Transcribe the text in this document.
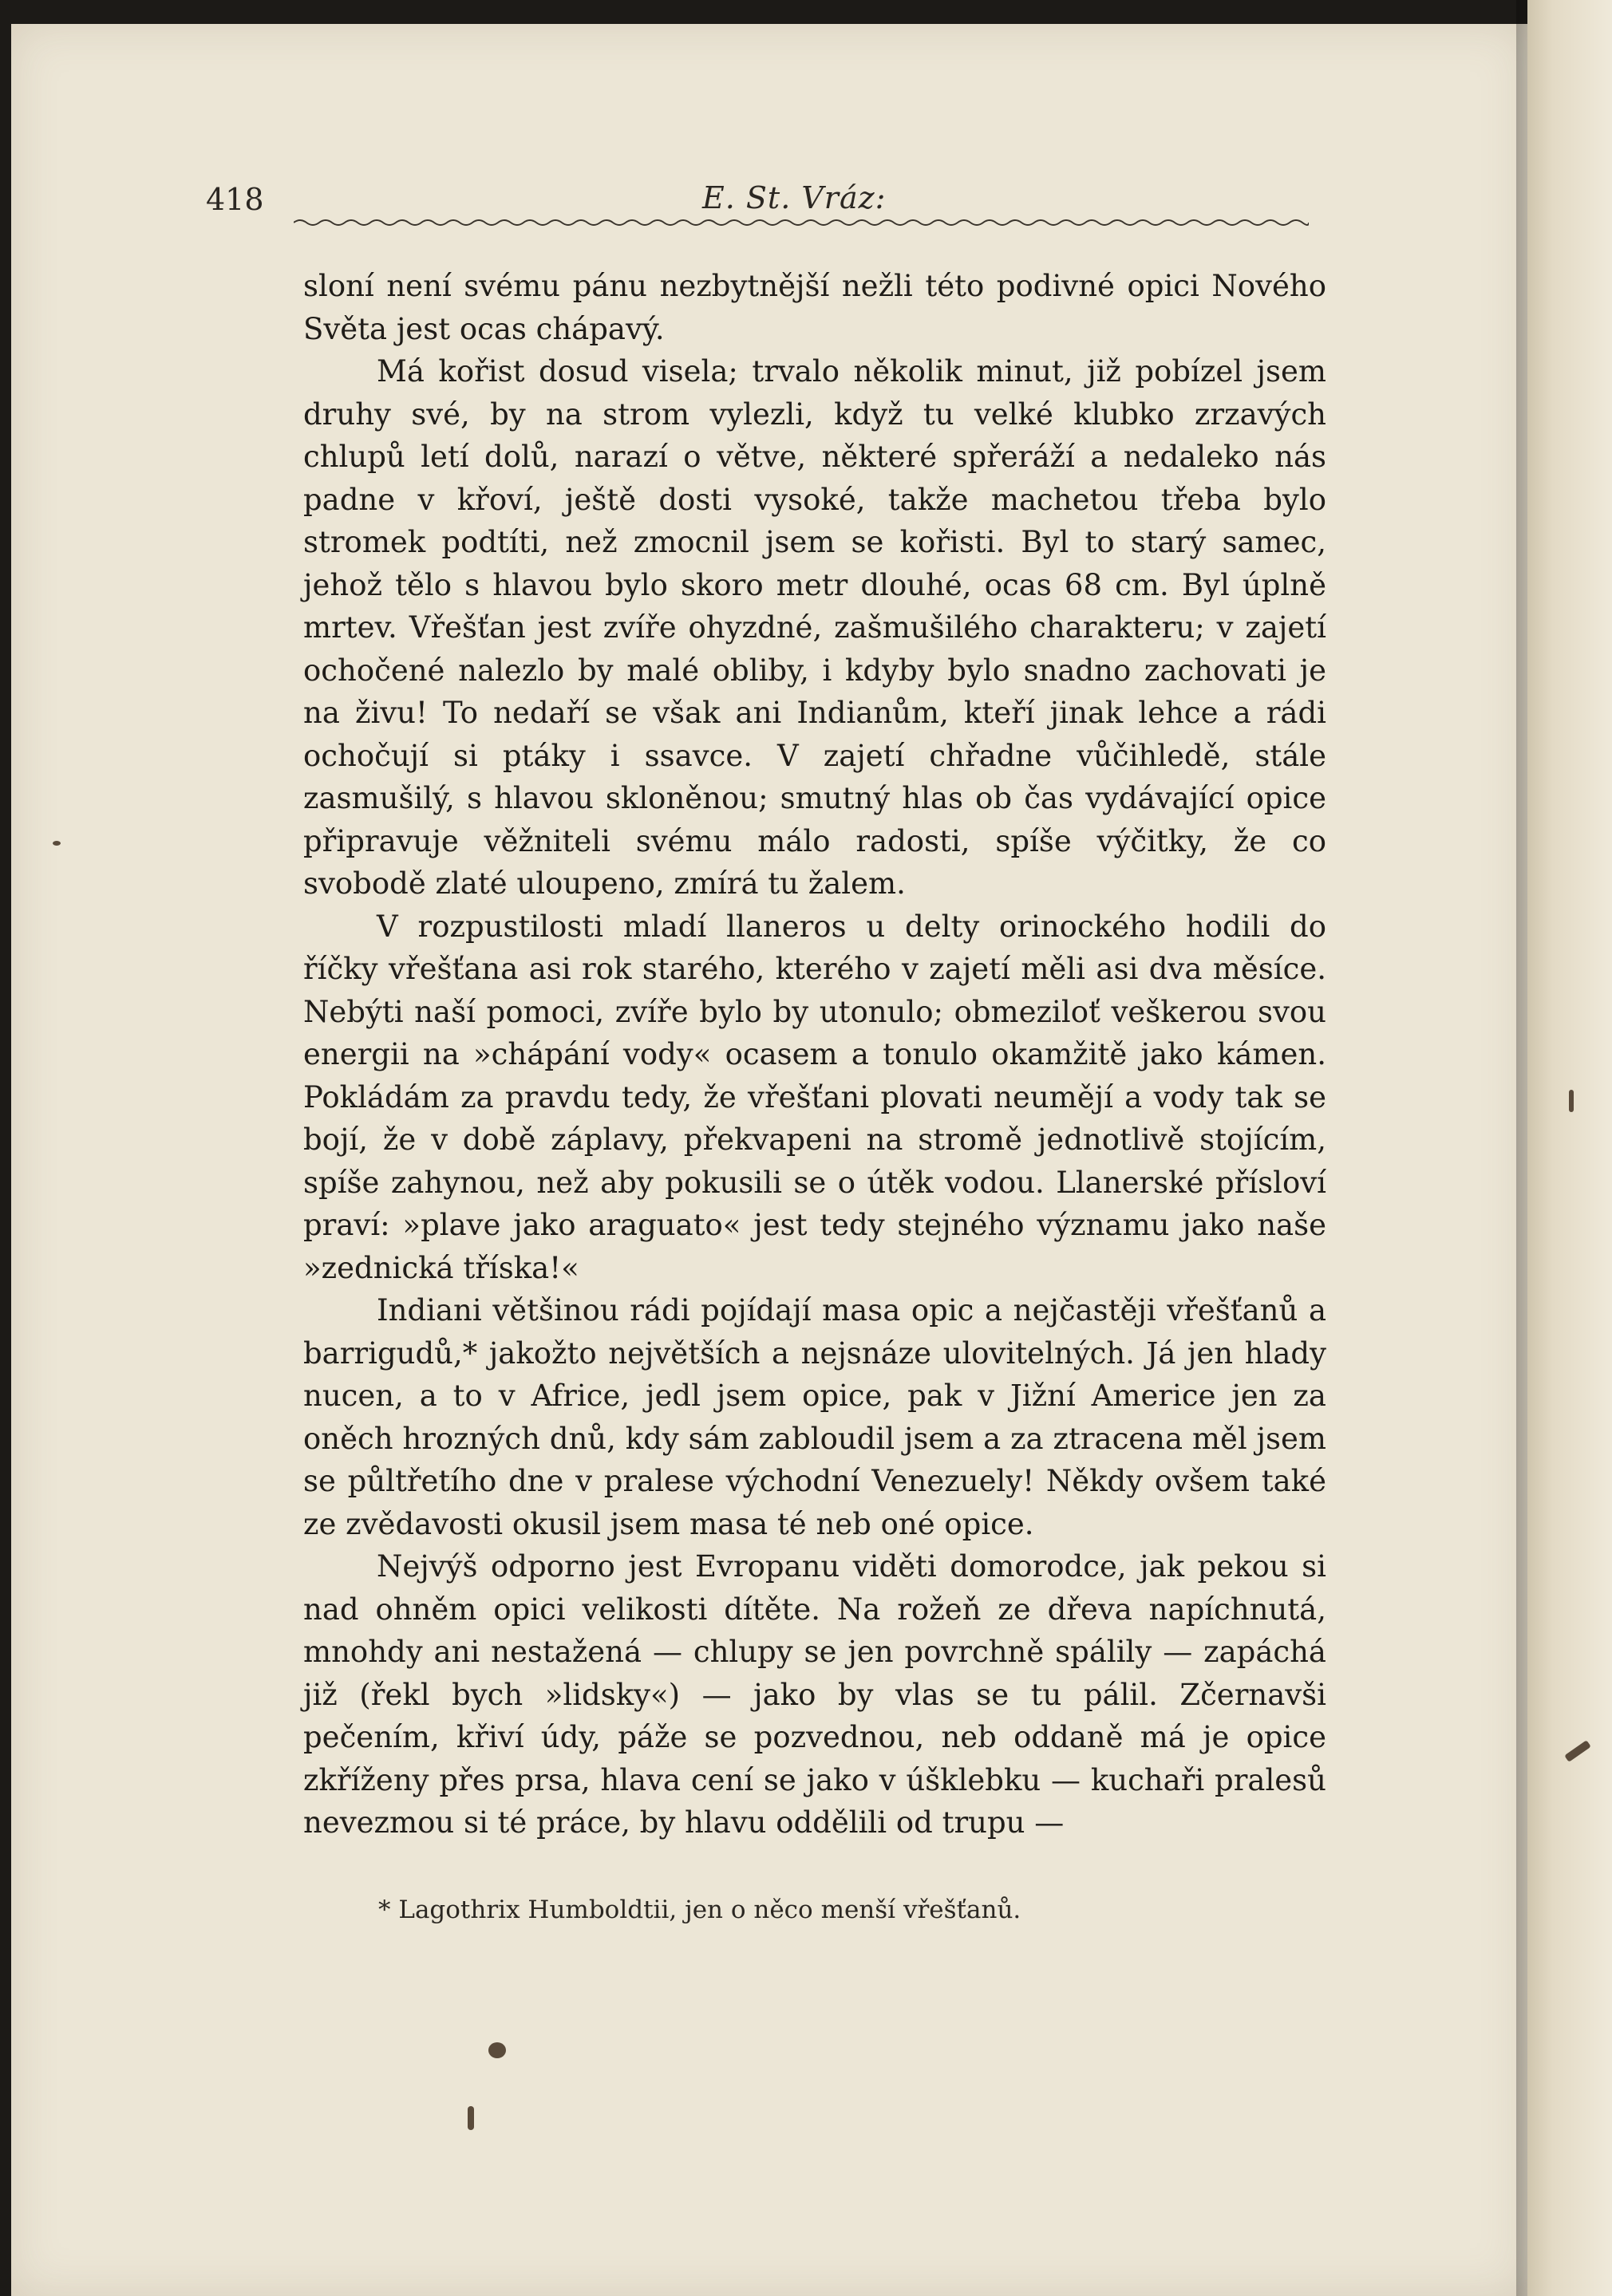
418	E. St. Vráz:

sloní není svému pánu nezbytnější nežli této podivné opici Nového Světa jest ocas chápavý.

Má kořist dosud visela; trvalo několik minut, již pobízel jsem druhy své, by na strom vylezli, když tu velké klubko zrzavých chlupů letí dolů, narazí o větve, některé spřeráží a nedaleko nás padne v křoví, ještě dosti vysoké, takže machetou třeba bylo stromek podtíti, než zmocnil jsem se kořisti. Byl to starý samec, jehož tělo s hlavou bylo skoro metr dlouhé, ocas 68 cm. Byl úplně mrtev. Vřešťan jest zvíře ohyzdné, zašmušilého charakteru; v zajetí ochočené nalezlo by malé obliby, i kdyby bylo snadno zachovati je na živu! To nedaří se však ani Indianům, kteří jinak lehce a rádi ochočují si ptáky i ssavce. V zajetí chřadne vůčihledě, stále zasmušilý, s hlavou skloněnou; smutný hlas ob čas vydávající opice připravuje věžniteli svému málo radosti, spíše výčitky, že co svobodě zlaté uloupeno, zmírá tu žalem.

V rozpustilosti mladí llaneros u delty orinockého hodili do říčky vřešťana asi rok starého, kterého v zajetí měli asi dva měsíce. Nebýti naší pomoci, zvíře bylo by utonulo; obmeziloť veškerou svou energii na »chápání vody« ocasem a tonulo okamžitě jako kámen. Pokládám za pravdu tedy, že vřešťani plovati neumějí a vody tak se bojí, že v době záplavy, překvapeni na stromě jednotlivě stojícím, spíše zahynou, než aby pokusili se o útěk vodou. Llanerské přísloví praví: »plave jako araguato« jest tedy stejného významu jako naše »zednická tříska!«

Indiani většinou rádi pojídají masa opic a nejčastěji vřešťanů a barrigudů,* jakožto největších a nejsnáze ulovitelných. Já jen hlady nucen, a to v Africe, jedl jsem opice, pak v Jižní Americe jen za oněch hrozných dnů, kdy sám zabloudil jsem a za ztracena měl jsem se půltřetího dne v pralese východní Venezuely! Někdy ovšem také ze zvědavosti okusil jsem masa té neb oné opice.

Nejvýš odporno jest Evropanu viděti domorodce, jak pekou si nad ohněm opici velikosti dítěte. Na rožeň ze dřeva napíchnutá, mnohdy ani nestažená — chlupy se jen povrchně spálily — zapáchá již (řekl bych »lidsky«) — jako by vlas se tu pálil. Zčernavši pečením, křiví údy, páže se pozvednou, neb oddaně má je opice zkříženy přes prsa, hlava cení se jako v úšklebku — kuchaři pralesů nevezmou si té práce, by hlavu oddělili od trupu —

* Lagothrix Humboldtii, jen o něco menší vřešťanů.
